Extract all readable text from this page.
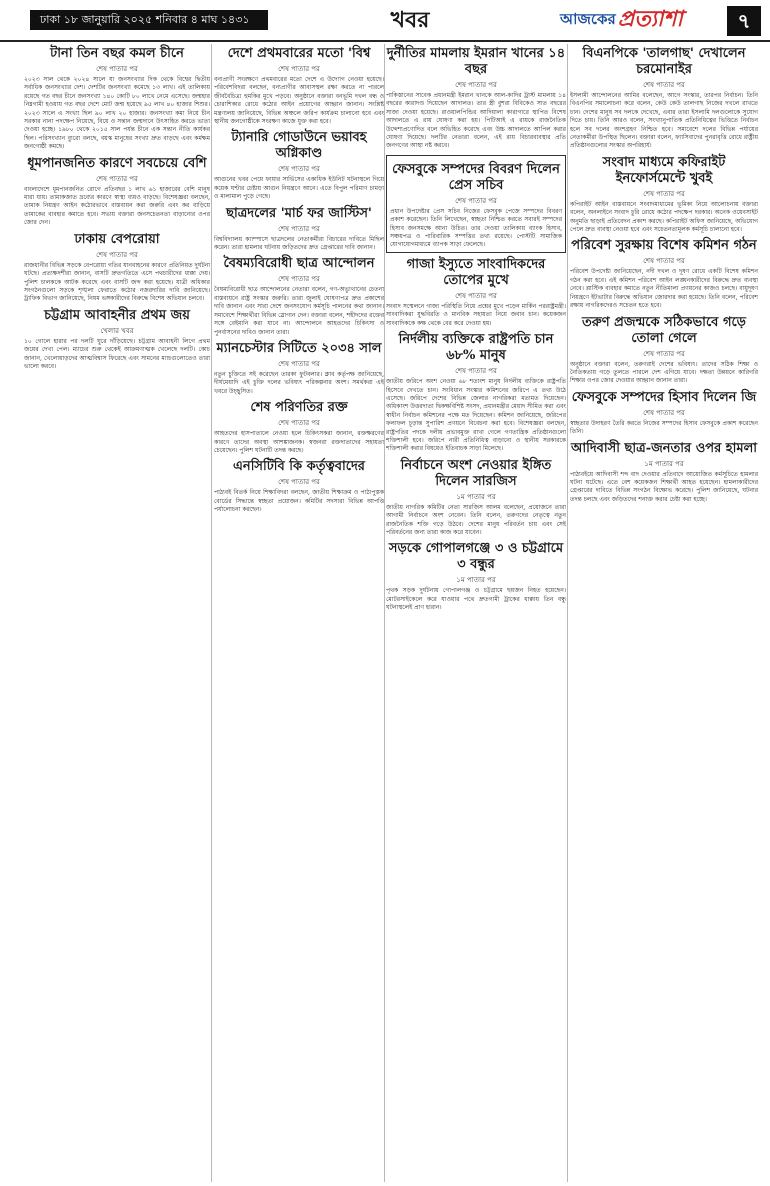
ঢাকা ১৮ জানুয়ারি ২০২৫ শনিবার ৪ মাঘ ১৪৩১	খবর	আজকের প্রত্যাশা	৭
টানা তিন বছর কমল চীনে
শেষ পাতার পর

২০২৩ সাল থেকে ২০২৪ সালে যা জনসংখ্যার দিক থেকে বিশ্বের দ্বিতীয় সর্বাধিক জনসংখ্যার দেশ। দেশটির জনসংখ্যা কমেছে ১৩ লাখ। এই তালিকায় রয়েছে গত বছর চীনে জনসংখ্যা ১৪০ কোটি ৮০ লাখে নেমে এসেছে। জন্মহার নিম্নগামী হওয়ায় গত বছর দেশে মোট জন্ম হয়েছে ৯৫ লাখ ৪০ হাজার শিশুর। ২০২৩ সালে এ সংখ্যা ছিল ৯০ লাখ ২০ হাজার। জনসংখ্যা কমা নিয়ে চীন সরকার নানা পদক্ষেপ নিয়েছে, বিয়ে ও সন্তান জন্মদানে উৎসাহিত করতে ভাতা দেওয়া হচ্ছে। ১৯৮০ থেকে ২০১৫ সাল পর্যন্ত চীনে এক সন্তান নীতি কার্যকর ছিল। পরিসংখ্যান ব্যুরো বলছে, বয়স্ক মানুষের সংখ্যা দ্রুত বাড়ছে এবং কর্মক্ষম জনগোষ্ঠী কমছে।

ধূমপানজনিত কারণে সবচেয়ে বেশি
শেষ পাতার পর

বাংলাদেশে ধূমপানজনিত রোগে প্রতিবছর ১ লাখ ৬১ হাজারের বেশি মানুষ মারা যায়। তামাকজাত দ্রব্যের কারণে স্বাস্থ্য ব্যয়ও বাড়ছে। বিশেষজ্ঞরা বলছেন, তামাক নিয়ন্ত্রণ আইন কঠোরভাবে বাস্তবায়ন করা জরুরি এবং কর বাড়িয়ে তামাকের ব্যবহার কমাতে হবে। সভায় বক্তারা জনসচেতনতা বাড়ানোর ওপর জোর দেন।

ঢাকায় বেপরোয়া
শেষ পাতার পর

রাজধানীর বিভিন্ন সড়কে বেপরোয়া গতির যানবাহনের কারণে প্রতিনিয়ত দুর্ঘটনা ঘটছে। প্রত্যক্ষদর্শীরা জানান, বাসটি দ্রুতগতিতে এসে পথচারীদের ধাক্কা দেয়। পুলিশ চালককে আটক করেছে এবং বাসটি জব্দ করা হয়েছে। যাত্রী অধিকার সংগঠনগুলো সড়কে শৃঙ্খলা ফেরাতে কঠোর নজরদারির দাবি জানিয়েছে। ট্রাফিক বিভাগ জানিয়েছে, নিয়ম ভঙ্গকারীদের বিরুদ্ধে বিশেষ অভিযান চলবে।

চট্টগ্রাম আবাহনীর প্রথম জয়
খেলার খবর

১০ গোলে হারার পর দলটি ঘুরে দাঁড়িয়েছে। চট্টগ্রাম আবাহনী লিগে প্রথম জয়ের দেখা পেল। ম্যাচের শুরু থেকেই আক্রমণাত্মক খেলেছে দলটি। কোচ জানান, খেলোয়াড়দের আত্মবিশ্বাস ফিরেছে এবং সামনের ম্যাচগুলোতেও তারা ভালো করবে।

দেশে প্রথমবারের মতো 'বিশ্ব
শেষ পাতার পর

বন্যপ্রাণী সংরক্ষণে প্রথমবারের মতো দেশে এ উদ্যোগ নেওয়া হয়েছে। পরিবেশবিদরা বলছেন, বন্যপ্রাণীর আবাসস্থল রক্ষা করতে না পারলে জীববৈচিত্র্য হুমকির মুখে পড়বে। অনুষ্ঠানে বক্তারা বনভূমি দখল বন্ধ ও চোরাশিকার রোধে কঠোর আইন প্রয়োগের আহ্বান জানান। সংশ্লিষ্ট মন্ত্রণালয় জানিয়েছে, বিভিন্ন অঞ্চলে জরিপ কার্যক্রম চালানো হবে এবং স্থানীয় জনগোষ্ঠীকে সংরক্ষণ কাজে যুক্ত করা হবে।

ট্যানারি গোডাউনে ভয়াবহ অগ্নিকাণ্ড
শেষ পাতার পর

আগুনের খবর পেয়ে ফায়ার সার্ভিসের একাধিক ইউনিট ঘটনাস্থলে গিয়ে কয়েক ঘণ্টার চেষ্টায় আগুন নিয়ন্ত্রণে আনে। এতে বিপুল পরিমাণ চামড়া ও মালামাল পুড়ে গেছে।

ছাত্রদলের 'মার্চ ফর জাস্টিস'
শেষ পাতার পর

বিশ্ববিদ্যালয় ক্যাম্পাসে ছাত্রদলের নেতাকর্মীরা বিচারের দাবিতে মিছিল করেন। তারা হামলার ঘটনায় জড়িতদের দ্রুত গ্রেপ্তারের দাবি জানান।

বৈষম্যবিরোধী ছাত্র আন্দোলন
শেষ পাতার পর

বৈষম্যবিরোধী ছাত্র আন্দোলনের নেতারা বলেন, গণ-অভ্যুত্থানের চেতনা বাস্তবায়নে রাষ্ট্র সংস্কার জরুরি। তারা জুলাই ঘোষণাপত্র দ্রুত প্রকাশের দাবি জানান এবং সারা দেশে জনসংযোগ কর্মসূচি পালনের কথা জানান। সমাবেশে শিক্ষার্থীরা বিভিন্ন স্লোগান দেন। বক্তারা বলেন, শহীদদের রক্তের সঙ্গে বেইমানি করা যাবে না। আন্দোলনে আহতদের চিকিৎসা ও পুনর্বাসনের দাবিও জানান তারা।

ম্যানচেস্টার সিটিতে ২০৩৪ সাল
শেষ পাতার পর

নতুন চুক্তিতে সই করেছেন তারকা ফুটবলার। ক্লাব কর্তৃপক্ষ জানিয়েছে, দীর্ঘমেয়াদি এই চুক্তি দলের ভবিষ্যৎ পরিকল্পনার অংশ। সমর্থকরা এই খবরে উচ্ছ্বসিত।

শেষ পরিণতির রক্ত
শেষ পাতার পর

আহতদের হাসপাতালে নেওয়া হলে চিকিৎসকরা জানান, রক্তক্ষরণের কারণে তাদের অবস্থা আশঙ্কাজনক। স্বজনরা রক্তদাতাদের সহায়তা চেয়েছেন। পুলিশ ঘটনাটি তদন্ত করছে।

এনসিটিবি কি কর্তৃত্ববাদের
শেষ পাতার পর

পাঠ্যবই বিতর্ক নিয়ে শিক্ষাবিদরা বলছেন, জাতীয় শিক্ষাক্রম ও পাঠ্যপুস্তক বোর্ডের সিদ্ধান্তে স্বচ্ছতা প্রয়োজন। কমিটির সদস্যরা বিভিন্ন আপত্তি পর্যালোচনা করছেন।

দুর্নীতির মামলায় ইমরান খানের ১৪ বছর
শেষ পাতার পর

পাকিস্তানের সাবেক প্রধানমন্ত্রী ইমরান খানকে আল-কাদির ট্রাস্ট মামলায় ১৪ বছরের কারাদণ্ড দিয়েছেন আদালত। তার স্ত্রী বুশরা বিবিকেও সাত বছরের সাজা দেওয়া হয়েছে। রাওয়ালপিন্ডির আদিয়ালা কারাগারে স্থাপিত বিশেষ আদালতে এ রায় ঘোষণা করা হয়। পিটিআই এ রায়কে রাজনৈতিক উদ্দেশ্যপ্রণোদিত বলে অভিহিত করেছে এবং উচ্চ আদালতে আপিল করার ঘোষণা দিয়েছে। দলটির নেতারা বলেন, এই রায় বিচারব্যবস্থার প্রতি জনগণের আস্থা নষ্ট করবে।

ফেসবুকে সম্পদের বিবরণ দিলেন প্রেস সচিব
শেষ পাতার পর

প্রধান উপদেষ্টার প্রেস সচিব নিজের ফেসবুক পেজে সম্পদের বিবরণ প্রকাশ করেছেন। তিনি লিখেছেন, স্বচ্ছতা নিশ্চিত করতে সবারই সম্পদের হিসাব জনসমক্ষে আনা উচিত। তার দেওয়া তালিকায় ব্যাংক হিসাব, সঞ্চয়পত্র ও পারিবারিক সম্পত্তির তথ্য রয়েছে। পোস্টটি সামাজিক যোগাযোগমাধ্যমে ব্যাপক সাড়া ফেলেছে।

গাজা ইস্যুতে সাংবাদিকদের তোপের মুখে
শেষ পাতার পর

সংবাদ সম্মেলনে গাজা পরিস্থিতি নিয়ে প্রশ্নের মুখে পড়েন মার্কিন পররাষ্ট্রমন্ত্রী। সাংবাদিকরা যুদ্ধবিরতি ও মানবিক সহায়তা নিয়ে জবাব চান। কয়েকজন সাংবাদিককে কক্ষ থেকে বের করে দেওয়া হয়।

নির্দলীয় ব্যক্তিকে রাষ্ট্রপতি চান ৬৮% মানুষ
শেষ পাতার পর

জাতীয় জরিপে অংশ নেওয়া ৬৮ শতাংশ মানুষ নির্দলীয় ব্যক্তিকে রাষ্ট্রপতি হিসেবে দেখতে চান। সংবিধান সংস্কার কমিশনের জরিপে এ তথ্য উঠে এসেছে। জরিপে দেশের বিভিন্ন জেলার নাগরিকরা মতামত দিয়েছেন। অধিকাংশ উত্তরদাতা দ্বিকক্ষবিশিষ্ট সংসদ, প্রধানমন্ত্রীর মেয়াদ সীমিত করা এবং স্বাধীন নির্বাচন কমিশনের পক্ষে মত দিয়েছেন। কমিশন জানিয়েছে, জরিপের ফলাফল চূড়ান্ত সুপারিশ প্রণয়নে বিবেচনা করা হবে। বিশেষজ্ঞরা বলছেন, রাষ্ট্রপতির পদকে দলীয় প্রভাবমুক্ত রাখা গেলে গণতান্ত্রিক প্রতিষ্ঠানগুলো শক্তিশালী হবে। জরিপে নারী প্রতিনিধিত্ব বাড়ানো ও স্থানীয় সরকারকে শক্তিশালী করার বিষয়েও ইতিবাচক সাড়া মিলেছে।

নির্বাচনে অংশ নেওয়ার ইঙ্গিত দিলেন সারজিস
১ম পাতার পর

জাতীয় নাগরিক কমিটির নেতা সারজিস আলম বলেছেন, প্রয়োজনে তারা আগামী নির্বাচনে অংশ নেবেন। তিনি বলেন, তরুণদের নেতৃত্বে নতুন রাজনৈতিক শক্তি গড়ে উঠবে। দেশের মানুষ পরিবর্তন চায় এবং সেই পরিবর্তনের জন্য তারা কাজ করে যাবেন।

সড়কে গোপালগঞ্জে ৩ ও চট্টগ্রামে ৩ বন্ধুর
১ম পাতার পর

পৃথক সড়ক দুর্ঘটনায় গোপালগঞ্জ ও চট্টগ্রামে ছয়জন নিহত হয়েছেন। মোটরসাইকেলে করে যাওয়ার পথে দ্রুতগামী ট্রাকের ধাক্কায় তিন বন্ধু ঘটনাস্থলেই প্রাণ হারান।

বিএনপিকে 'তালগাছ' দেখালেন চরমোনাইর
শেষ পাতার পর

ইসলামী আন্দোলনের আমির বলেছেন, আগে সংস্কার, তারপর নির্বাচন। তিনি বিএনপির সমালোচনা করে বলেন, কেউ কেউ তালগাছ নিজের দখলে রাখতে চান। দেশের মানুষ সব দলকে দেখেছে, এবার তারা ইসলামি দলগুলোকে সুযোগ দিতে চায়। তিনি আরও বলেন, সংখ্যানুপাতিক প্রতিনিধিত্বের ভিত্তিতে নির্বাচন হলে সব দলের অংশগ্রহণ নিশ্চিত হবে। সমাবেশে দলের বিভিন্ন পর্যায়ের নেতাকর্মীরা উপস্থিত ছিলেন। বক্তারা বলেন, ফ্যাসিবাদের পুনরাবৃত্তি রোধে রাষ্ট্রীয় প্রতিষ্ঠানগুলোর সংস্কার অপরিহার্য।

সংবাদ মাধ্যমে কফিরাইট ইনফোর্সমেন্টে খুবই
শেষ পাতার পর

কপিরাইট আইন বাস্তবায়নে সংবাদমাধ্যমের ভূমিকা নিয়ে আলোচনায় বক্তারা বলেন, অনলাইনে সংবাদ চুরি রোধে কঠোর পদক্ষেপ দরকার। অনেক ওয়েবসাইট অনুমতি ছাড়াই প্রতিবেদন প্রকাশ করছে। কপিরাইট অফিস জানিয়েছে, অভিযোগ পেলে দ্রুত ব্যবস্থা নেওয়া হবে এবং সচেতনতামূলক কর্মসূচি চালানো হবে।

পরিবেশ সুরক্ষায় বিশেষ কমিশন গঠন
শেষ পাতার পর

পরিবেশ উপদেষ্টা জানিয়েছেন, নদী দখল ও দূষণ রোধে একটি বিশেষ কমিশন গঠন করা হবে। এই কমিশন পরিবেশ আইন লঙ্ঘনকারীদের বিরুদ্ধে দ্রুত ব্যবস্থা নেবে। প্লাস্টিক ব্যবহার কমাতে নতুন নীতিমালা প্রণয়নের কাজও চলছে। বায়ুদূষণ নিয়ন্ত্রণে ইটভাটার বিরুদ্ধে অভিযান জোরদার করা হয়েছে। তিনি বলেন, পরিবেশ রক্ষায় নাগরিকদেরও সচেতন হতে হবে।

তরুণ প্রজন্মকে সঠিকভাবে গড়ে তোলা গেলে
শেষ পাতার পর

অনুষ্ঠানে বক্তারা বলেন, তরুণরাই দেশের ভবিষ্যৎ। তাদের সঠিক শিক্ষা ও নৈতিকতায় গড়ে তুলতে পারলে দেশ এগিয়ে যাবে। দক্ষতা উন্নয়নে কারিগরি শিক্ষার ওপর জোর দেওয়ার আহ্বান জানান তারা।

ফেসবুকে সম্পদের হিসাব দিলেন জি
শেষ পাতার পর

স্বচ্ছতার উদাহরণ তৈরি করতে নিজের সম্পদের হিসাব ফেসবুকে প্রকাশ করেছেন তিনি।

আদিবাসী ছাত্র-জনতার ওপর হামলা
১ম পাতার পর

পাঠ্যবইয়ে আদিবাসী শব্দ বাদ দেওয়ার প্রতিবাদে আয়োজিত কর্মসূচিতে হামলার ঘটনা ঘটেছে। এতে বেশ কয়েকজন শিক্ষার্থী আহত হয়েছেন। হামলাকারীদের গ্রেপ্তারের দাবিতে বিভিন্ন সংগঠন বিক্ষোভ করেছে। পুলিশ জানিয়েছে, ঘটনার তদন্ত চলছে এবং জড়িতদের শনাক্ত করার চেষ্টা করা হচ্ছে।
